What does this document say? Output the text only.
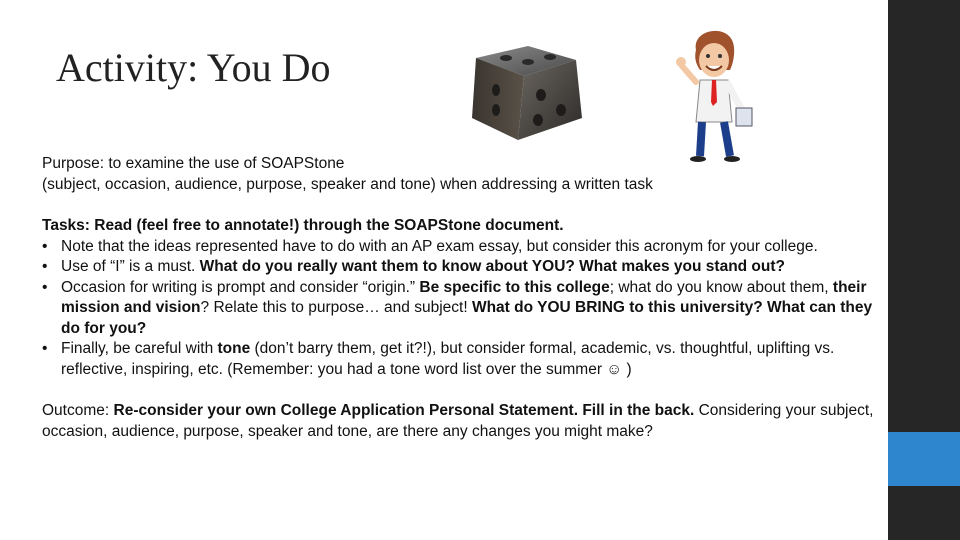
Activity: You Do

Purpose: to examine the use of SOAPStone

(subject, occasion, audience, purpose, speaker and tone) when addressing a written task

Tasks: Read (feel free to annotate!) through the SOAPStone document.

• Note that the ideas represented have to do with an AP exam essay, but consider this acronym for your college.
• Use of “I” is a must. What do you really want them to know about YOU? What makes you stand out?
• Occasion for writing is prompt and consider “origin.” Be specific to this college; what do you know about them, their mission and vision? Relate this to purpose… and subject! What do YOU BRING to this university? What can they do for you?
• Finally, be careful with tone (don’t barry them, get it?!), but consider formal, academic, vs. thoughtful, uplifting vs. reflective, inspiring, etc. (Remember: you had a tone word list over the summer ☺ )

Outcome: Re-consider your own College Application Personal Statement. Fill in the back. Considering your subject, occasion, audience, purpose, speaker and tone, are there any changes you might make?
